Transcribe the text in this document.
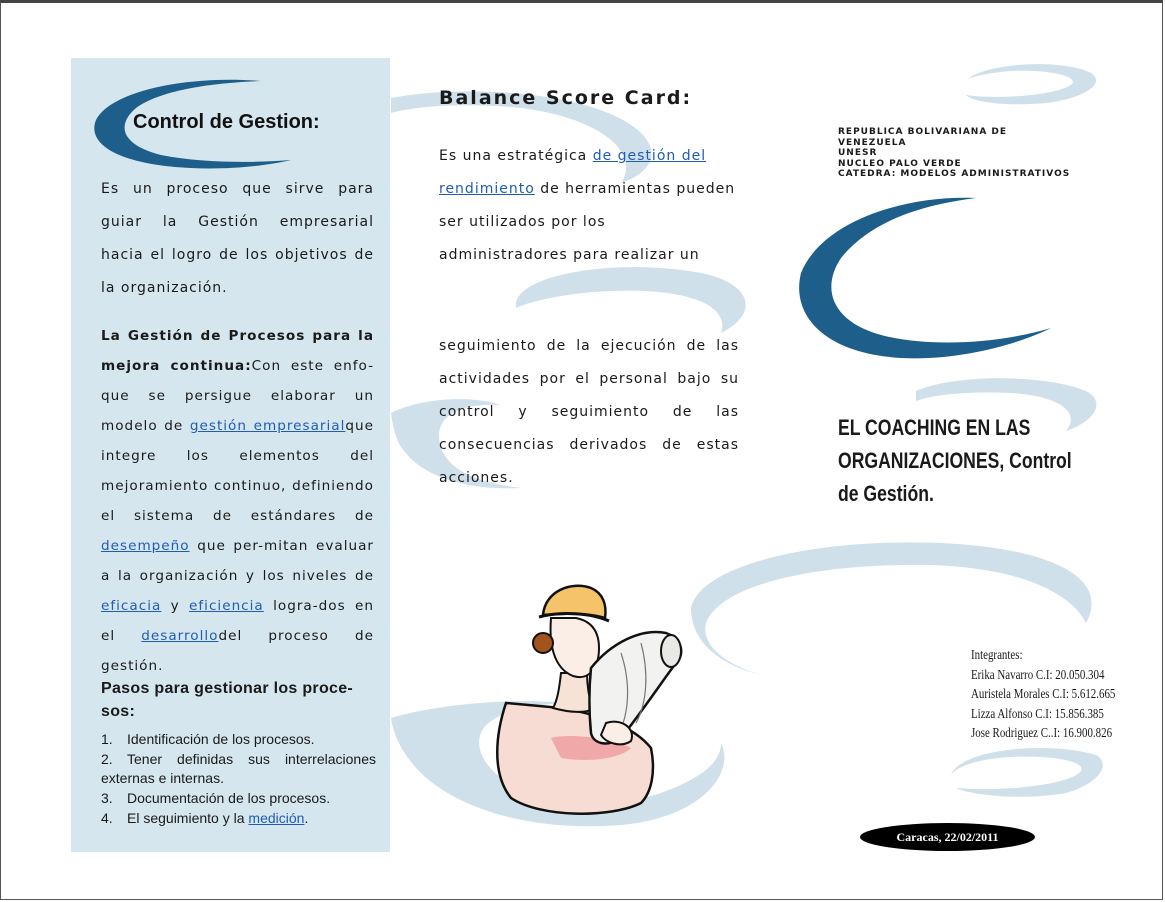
Control de Gestion:

Es un proceso que sirve para guiar la Gestión empresarial hacia el logro de los objetivos de la organización.

La Gestión de Procesos para la mejora continua:Con este enfo-que se persigue elaborar un modelo de gestión empresarialque integre los elementos del mejoramiento continuo, definiendo el sistema de estándares de desempeño que per-mitan evaluar a la organización y los niveles de eficacia y eficiencia logra-dos en el desarrollodel proceso de gestión.

Pasos para gestionar los proce-sos:
1. Identificación de los procesos.
2. Tener definidas sus interrelaciones externas e internas.
3. Documentación de los procesos.
4. El seguimiento y la medición.
Balance Score Card:

Es una estratégica de gestión del rendimiento de herramientas pueden ser utilizados por los administradores para realizar un

seguimiento de la ejecución de las actividades por el personal bajo su control y seguimiento de las consecuencias derivados de estas acciones.

REPUBLICA BOLIVARIANA DE
VENEZUELA
UNESR
NUCLEO PALO VERDE
CATEDRA: MODELOS ADMINISTRATIVOS
EL COACHING EN LAS ORGANIZACIONES, Control de Gestión.
Integrantes:
Erika Navarro C.I: 20.050.304
Auristela Morales C.I: 5.612.665
Lizza Alfonso C.I: 15.856.385
Jose Rodriguez C..I: 16.900.826
Caracas, 22/02/2011
